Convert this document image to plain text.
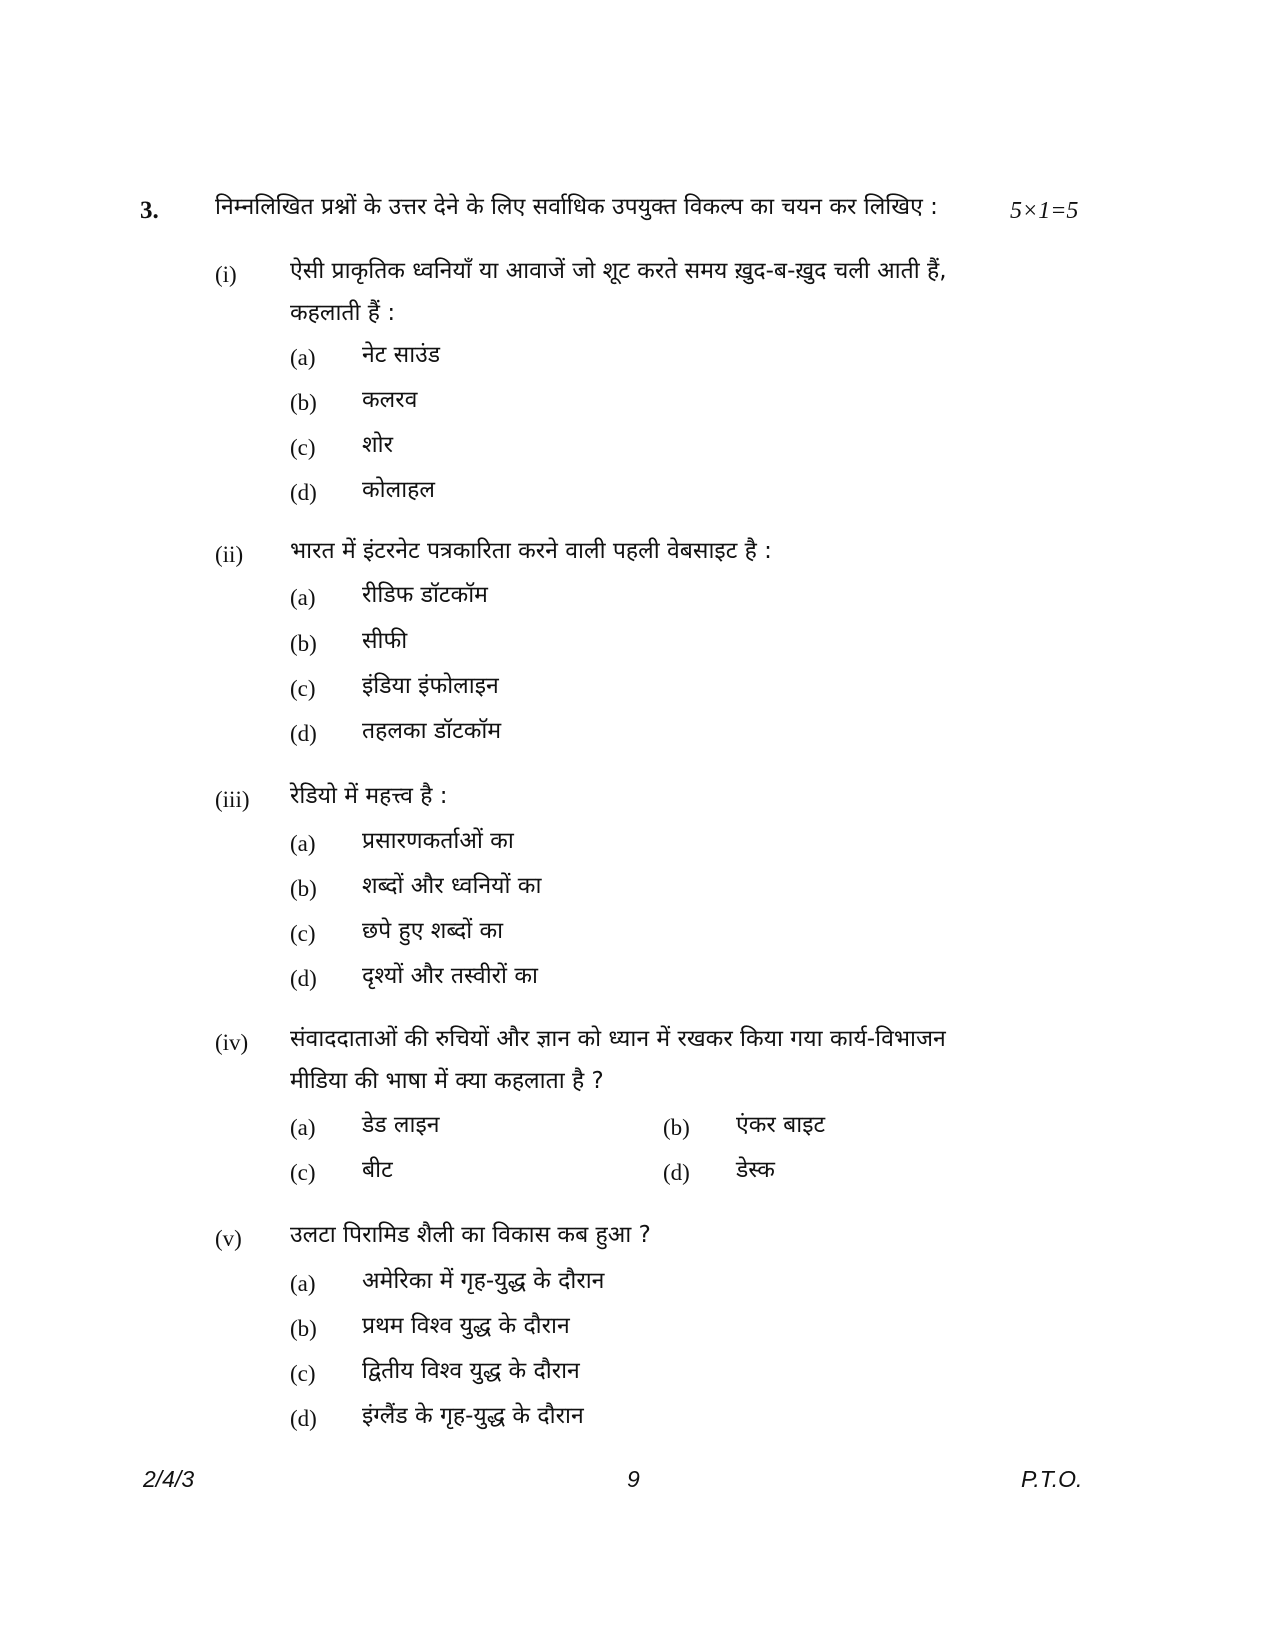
3. निम्नलिखित प्रश्नों के उत्तर देने के लिए सर्वाधिक उपयुक्त विकल्प का चयन कर लिखिए :	5×1=5
(i) ऐसी प्राकृतिक ध्वनियाँ या आवाजें जो शूट करते समय ख़ुद-ब-ख़ुद चली आती हैं,
कहलाती हैं :
(a) नेट साउंड
(b) कलरव
(c) शोर
(d) कोलाहल
(ii) भारत में इंटरनेट पत्रकारिता करने वाली पहली वेबसाइट है :
(a) रीडिफ डॉटकॉम
(b) सीफी
(c) इंडिया इंफोलाइन
(d) तहलका डॉटकॉम
(iii) रेडियो में महत्त्व है :
(a) प्रसारणकर्ताओं का
(b) शब्दों और ध्वनियों का
(c) छपे हुए शब्दों का
(d) दृश्यों और तस्वीरों का
(iv) संवाददाताओं की रुचियों और ज्ञान को ध्यान में रखकर किया गया कार्य-विभाजन
मीडिया की भाषा में क्या कहलाता है ?
(a) डेड लाइन	(b) एंकर बाइट
(c) बीट	(d) डेस्क
(v) उलटा पिरामिड शैली का विकास कब हुआ ?
(a) अमेरिका में गृह-युद्ध के दौरान
(b) प्रथम विश्व युद्ध के दौरान
(c) द्वितीय विश्व युद्ध के दौरान
(d) इंग्लैंड के गृह-युद्ध के दौरान
2/4/3	9	P.T.O.
